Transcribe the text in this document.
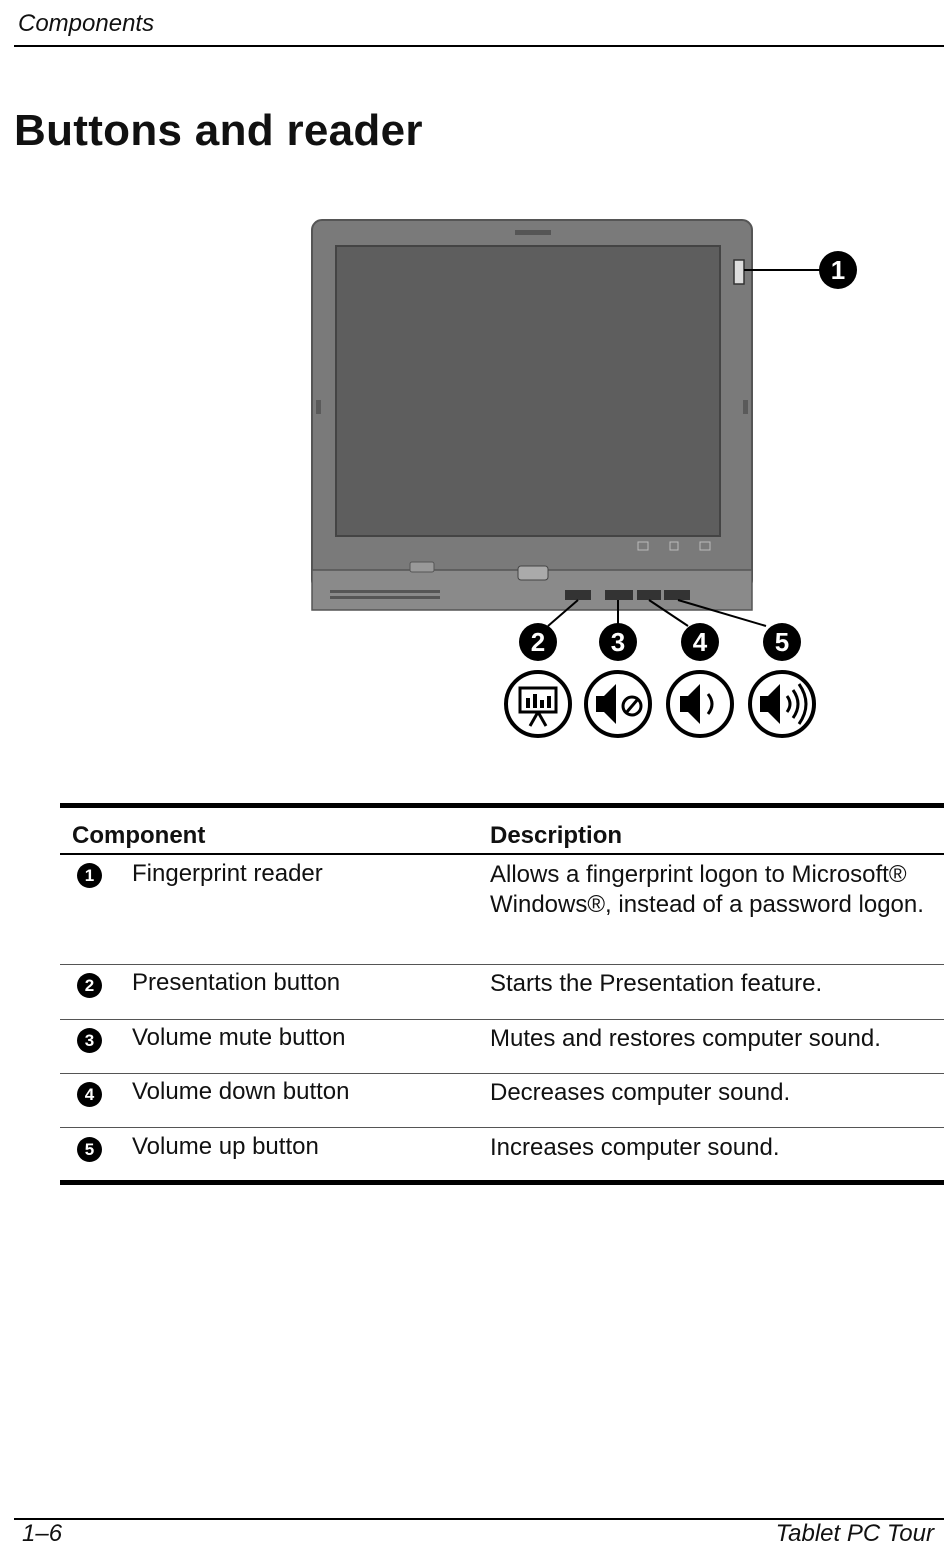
Components
Buttons and reader
1
2	3	4	5
Component	Description
1	Fingerprint reader	Allows a fingerprint logon to Microsoft® Windows®, instead of a password logon.
2	Presentation button	Starts the Presentation feature.
3	Volume mute button	Mutes and restores computer sound.
4	Volume down button	Decreases computer sound.
5	Volume up button	Increases computer sound.
1–6	Tablet PC Tour
